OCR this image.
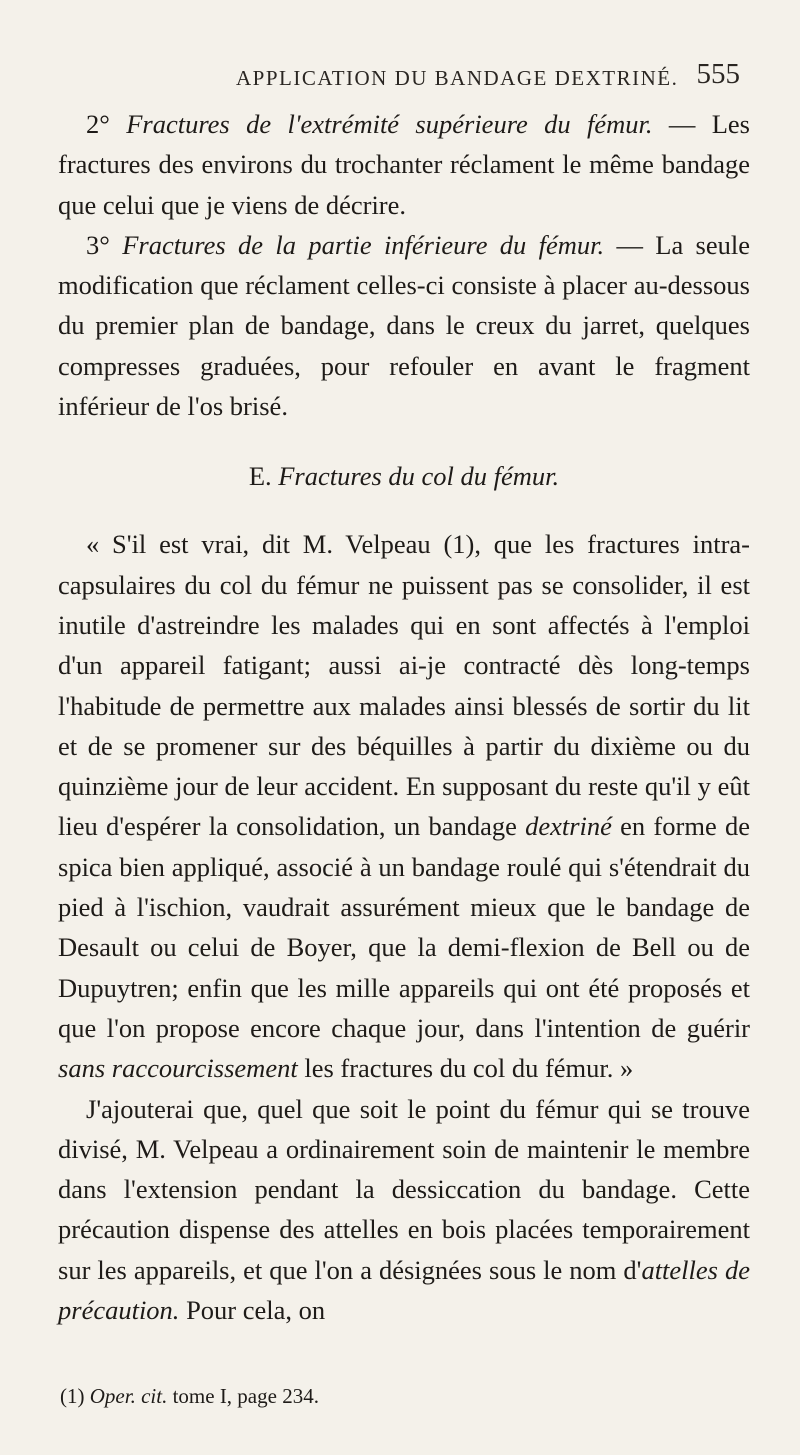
APPLICATION DU BANDAGE DEXTRINÉ. 555

2° Fractures de l'extrémité supérieure du fémur. — Les fractures des environs du trochanter réclament le même bandage que celui que je viens de décrire.

3° Fractures de la partie inférieure du fémur. — La seule modification que réclament celles-ci consiste à placer au-dessous du premier plan de bandage, dans le creux du jarret, quelques compresses graduées, pour refouler en avant le fragment inférieur de l'os brisé.

E. Fractures du col du fémur.

« S'il est vrai, dit M. Velpeau (1), que les fractures intra-capsulaires du col du fémur ne puissent pas se consolider, il est inutile d'astreindre les malades qui en sont affectés à l'emploi d'un appareil fatigant; aussi ai-je contracté dès long-temps l'habitude de permettre aux malades ainsi blessés de sortir du lit et de se promener sur des béquilles à partir du dixième ou du quinzième jour de leur accident. En supposant du reste qu'il y eût lieu d'espérer la consolidation, un bandage dextriné en forme de spica bien appliqué, associé à un bandage roulé qui s'étendrait du pied à l'ischion, vaudrait assurément mieux que le bandage de Desault ou celui de Boyer, que la demi-flexion de Bell ou de Dupuytren; enfin que les mille appareils qui ont été proposés et que l'on propose encore chaque jour, dans l'intention de guérir sans raccourcissement les fractures du col du fémur. »

J'ajouterai que, quel que soit le point du fémur qui se trouve divisé, M. Velpeau a ordinairement soin de maintenir le membre dans l'extension pendant la dessiccation du bandage. Cette précaution dispense des attelles en bois placées temporairement sur les appareils, et que l'on a désignées sous le nom d'attelles de précaution. Pour cela, on

(1) Oper. cit. tome I, page 234.
